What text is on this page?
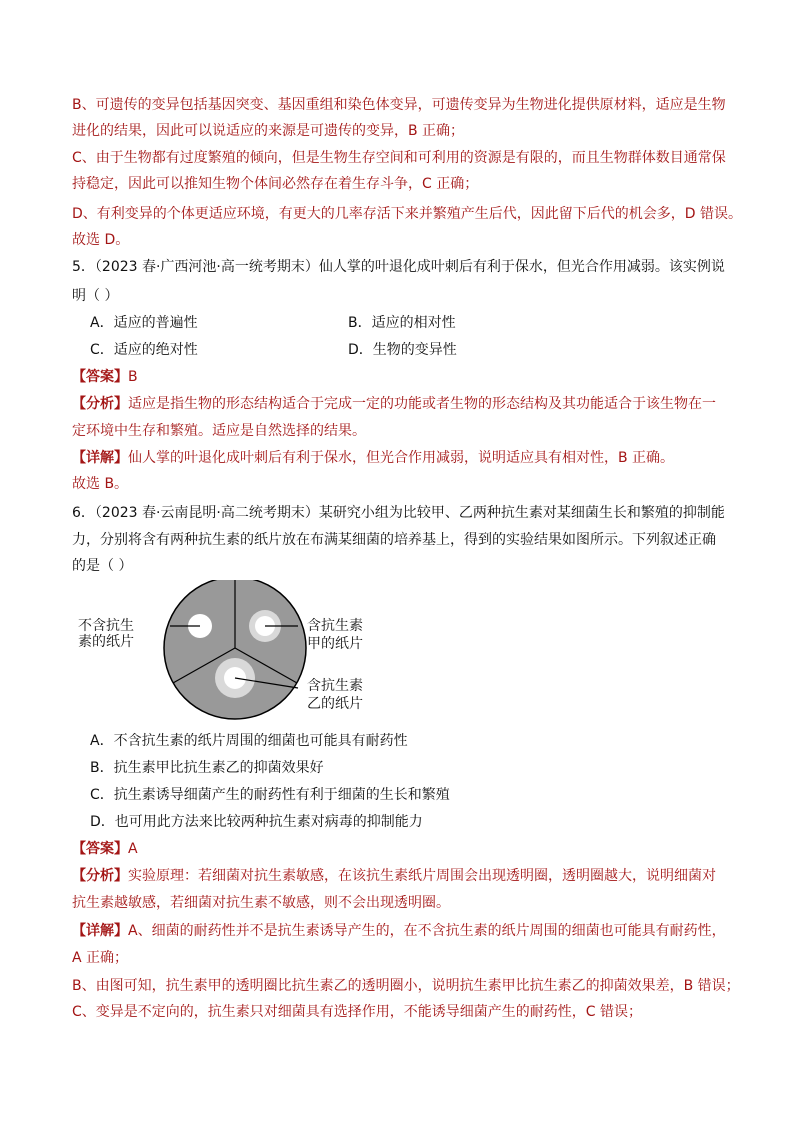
B、可遗传的变异包括基因突变、基因重组和染色体变异，可遗传变异为生物进化提供原材料，适应是生物
进化的结果，因此可以说适应的来源是可遗传的变异，B 正确；
C、由于生物都有过度繁殖的倾向，但是生物生存空间和可利用的资源是有限的，而且生物群体数目通常保
持稳定，因此可以推知生物个体间必然存在着生存斗争，C 正确；
D、有利变异的个体更适应环境，有更大的几率存活下来并繁殖产生后代，因此留下后代的机会多，D 错误。
故选 D。
5．（2023 春·广西河池·高一统考期末）仙人掌的叶退化成叶刺后有利于保水，但光合作用减弱。该实例说
明（ ）
A．适应的普遍性	B．适应的相对性
C．适应的绝对性	D．生物的变异性
【答案】B
【分析】适应是指生物的形态结构适合于完成一定的功能或者生物的形态结构及其功能适合于该生物在一
定环境中生存和繁殖。适应是自然选择的结果。
【详解】仙人掌的叶退化成叶刺后有利于保水，但光合作用减弱，说明适应具有相对性，B 正确。
故选 B。
6．（2023 春·云南昆明·高二统考期末）某研究小组为比较甲、乙两种抗生素对某细菌生长和繁殖的抑制能
力，分别将含有两种抗生素的纸片放在布满某细菌的培养基上，得到的实验结果如图所示。下列叙述正确
的是（ ）
不含抗生
素的纸片
含抗生素
甲的纸片
含抗生素
乙的纸片
A．不含抗生素的纸片周围的细菌也可能具有耐药性
B．抗生素甲比抗生素乙的抑菌效果好
C．抗生素诱导细菌产生的耐药性有利于细菌的生长和繁殖
D．也可用此方法来比较两种抗生素对病毒的抑制能力
【答案】A
【分析】实验原理：若细菌对抗生素敏感，在该抗生素纸片周围会出现透明圈，透明圈越大，说明细菌对
抗生素越敏感，若细菌对抗生素不敏感，则不会出现透明圈。
【详解】A、细菌的耐药性并不是抗生素诱导产生的，在不含抗生素的纸片周围的细菌也可能具有耐药性，
A 正确；
B、由图可知，抗生素甲的透明圈比抗生素乙的透明圈小，说明抗生素甲比抗生素乙的抑菌效果差，B 错误；
C、变异是不定向的，抗生素只对细菌具有选择作用，不能诱导细菌产生的耐药性，C 错误；
